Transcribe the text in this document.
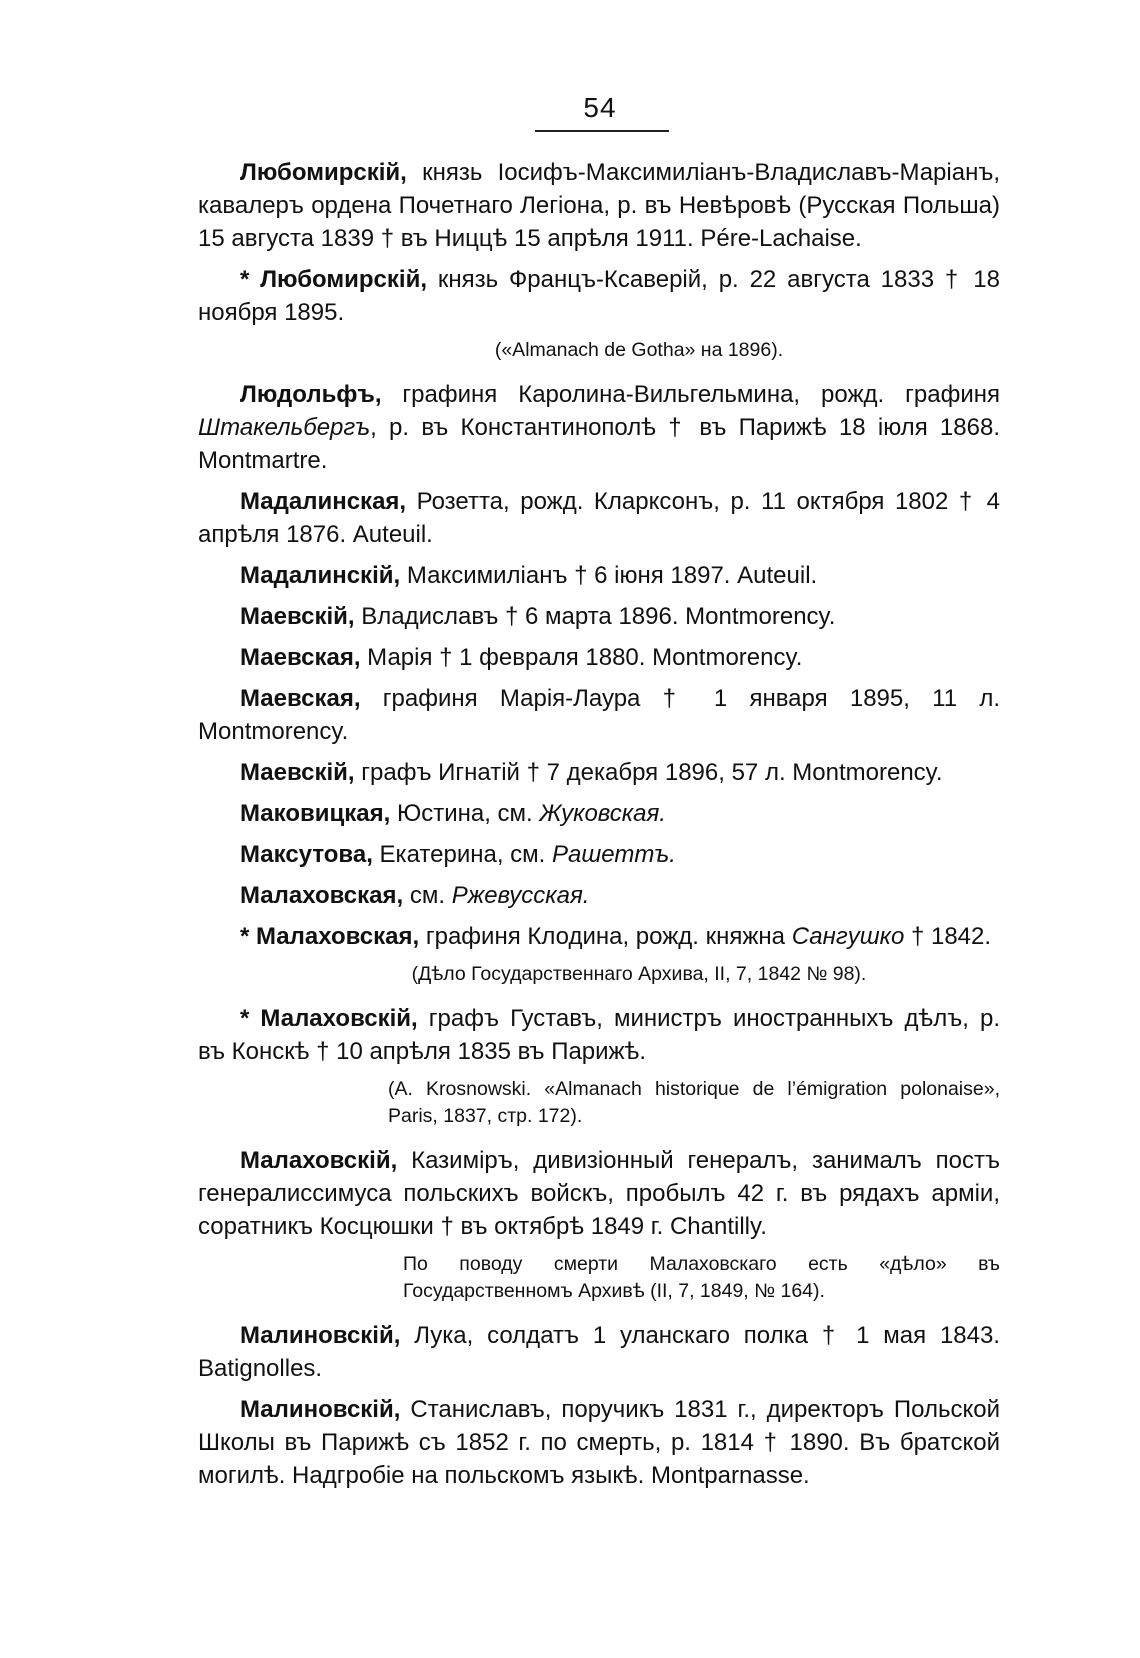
54

Любомирскій, князь Іосифъ-Максимиліанъ-Владиславъ-Маріанъ, кавалеръ ордена Почетнаго Легіона, р. въ Невѣровѣ (Русская Польша) 15 августа 1839 † въ Ниццѣ 15 апрѣля 1911. Pére-Lachaise.

* Любомирскій, князь Францъ-Ксаверій, р. 22 августа 1833 † 18 ноября 1895.

(«Almanach de Gotha» на 1896).

Людольфъ, графиня Каролина-Вильгельмина, рожд. графиня Штакельбергъ, р. въ Константинополѣ † въ Парижѣ 18 іюля 1868. Montmartre.

Мадалинская, Розетта, рожд. Кларксонъ, р. 11 октября 1802 † 4 апрѣля 1876. Auteuil.

Мадалинскій, Максимиліанъ † 6 іюня 1897. Auteuil.

Маевскій, Владиславъ † 6 марта 1896. Montmorency.

Маевская, Марія † 1 февраля 1880. Montmorency.

Маевская, графиня Марія-Лаура † 1 января 1895, 11 л. Montmorency.

Маевскій, графъ Игнатій † 7 декабря 1896, 57 л. Montmorency.

Маковицкая, Юстина, см. Жуковская.

Максутова, Екатерина, см. Рашеттъ.

Малаховская, см. Ржевусская.

* Малаховская, графиня Клодина, рожд. княжна Сангушко † 1842.

(Дѣло Государственнаго Архива, II, 7, 1842 № 98).

* Малаховскій, графъ Густавъ, министръ иностранныхъ дѣлъ, р. въ Конскѣ † 10 апрѣля 1835 въ Парижѣ.

(A. Krosnowski. «Almanach historique de l’émigration polonaise», Paris, 1837, стр. 172).

Малаховскій, Казиміръ, дивизіонный генералъ, занималъ постъ генералиссимуса польскихъ войскъ, пробылъ 42 г. въ рядахъ арміи, соратникъ Косцюшки † въ октябрѣ 1849 г. Chantilly.

По поводу смерти Малаховскаго есть «дѣло» въ Государственномъ Архивѣ (II, 7, 1849, № 164).

Малиновскій, Лука, солдатъ 1 уланскаго полка † 1 мая 1843. Batignolles.

Малиновскій, Станиславъ, поручикъ 1831 г., директоръ Польской Школы въ Парижѣ съ 1852 г. по смерть, р. 1814 † 1890. Въ братской могилѣ. Надгробіе на польскомъ языкѣ. Montparnasse.
